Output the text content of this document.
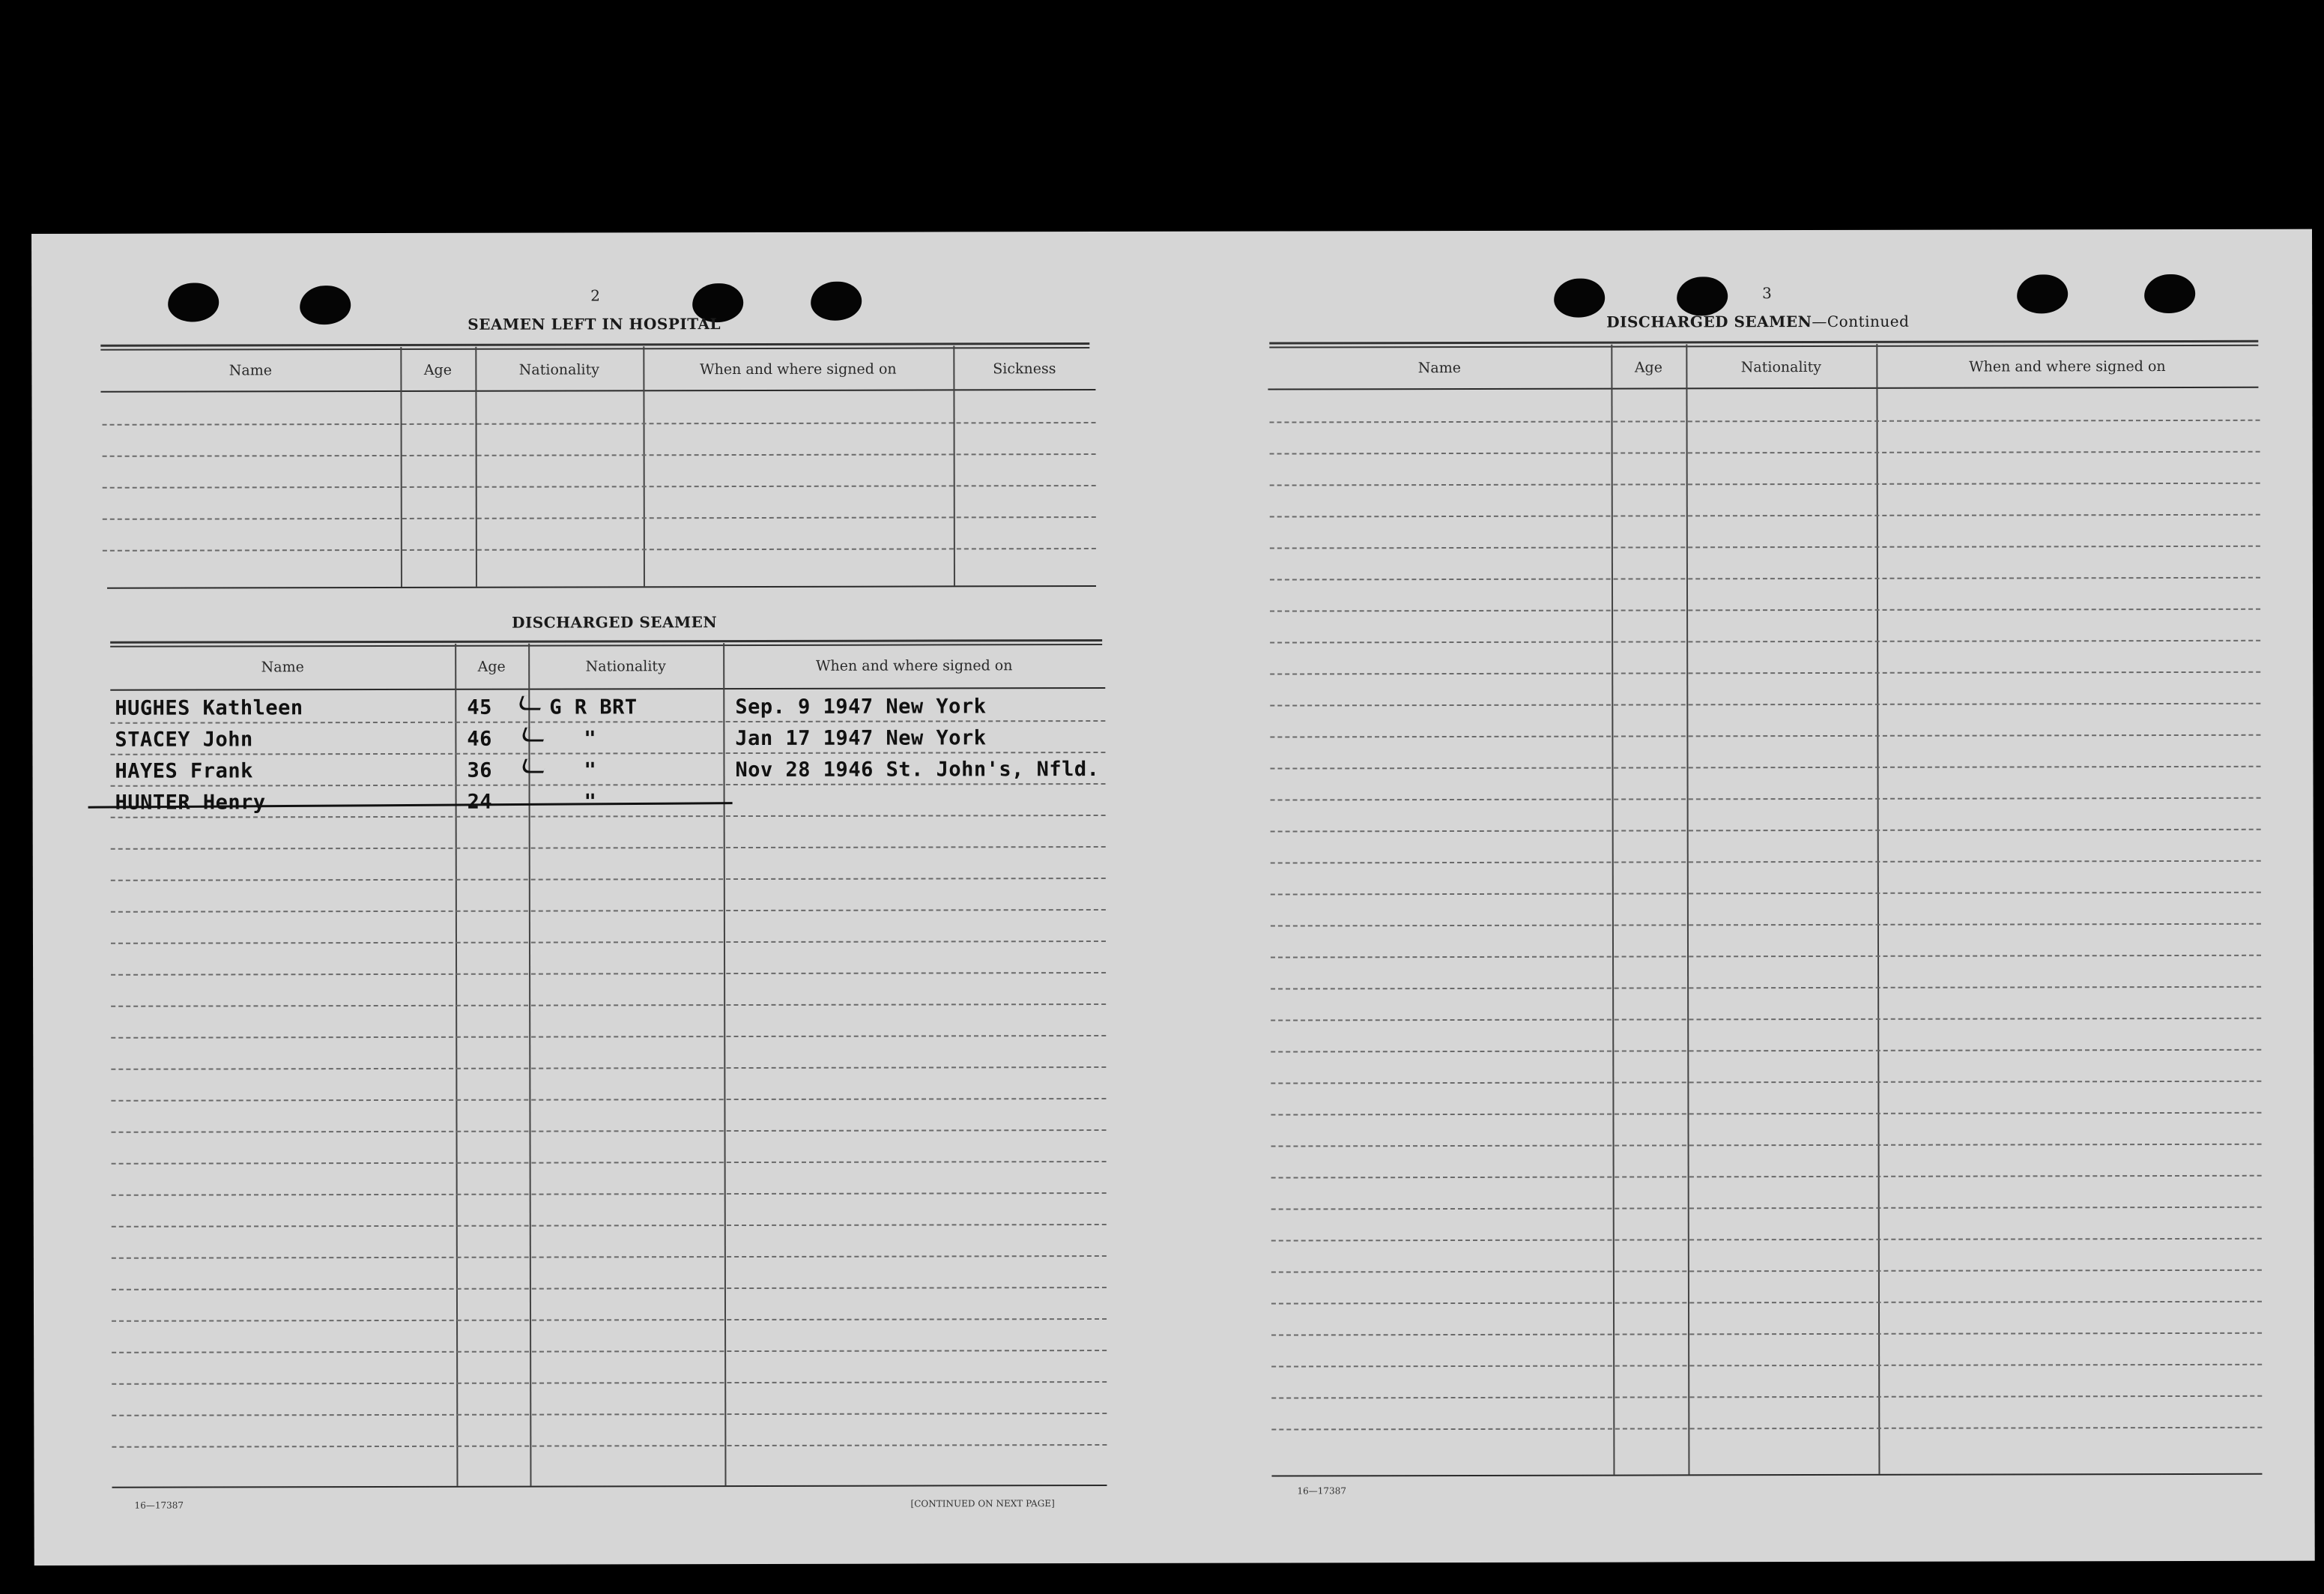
2
SEAMEN LEFT IN HOSPITAL
Name	Age	Nationality	When and where signed on	Sickness
DISCHARGED SEAMEN
Name	Age	Nationality	When and where signed on
HUGHES Kathleen	45	G R BRT	Sep. 9 1947 New York
STACEY John	46	"	Jan 17 1947 New York
HAYES Frank	36	"	Nov 28 1946 St. John's, Nfld.
HUNTER Henry	24	"
16—17387	[CONTINUED ON NEXT PAGE]
3
DISCHARGED SEAMEN—Continued
Name	Age	Nationality	When and where signed on
16—17387
